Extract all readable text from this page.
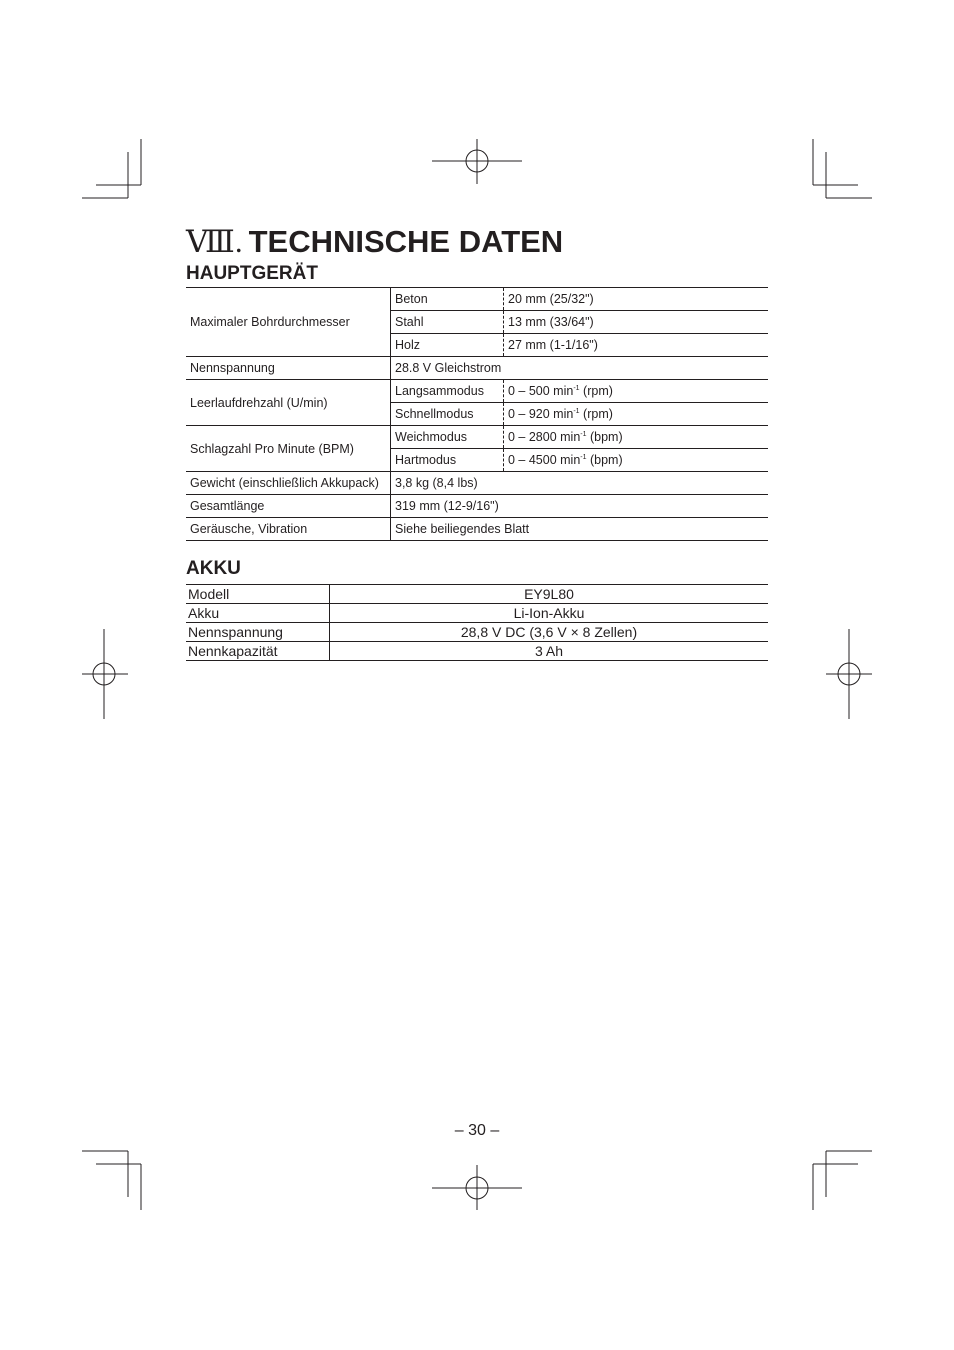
Ⅷ. TECHNISCHE DATEN
HAUPTGERÄT
Maximaler Bohrdurchmesser	Beton	20 mm (25/32")
	Stahl	13 mm (33/64")
	Holz	27 mm (1-1/16")
Nennspannung	28.8 V Gleichstrom	
Leerlaufdrehzahl (U/min)	Langsammodus	0 – 500 $\min^{-1} (rpm)$
	Schnellmodus	0 – 920 $\min^{-1} (rpm)$
Schlagzahl Pro Minute (BPM)	Weichmodus	0 – 2800 $\min^{-1} (bpm)$
	Hartmodus	0 – 4500 $\min^{-1} (bpm)$
Gewicht (einschließlich Akkupack)	3,8 kg (8,4 lbs)	
Gesamtlänge	319 mm (12-9/16")	
Geräusche, Vibration	Siehe beiliegendes Blatt	
AKKU
Modell	EY9L80
Akku	Li-Ion-Akku
Nennspannung	28,8 V DC (3,6 V × 8 Zellen)
Nennkapazität	3 Ah
– 30 –
